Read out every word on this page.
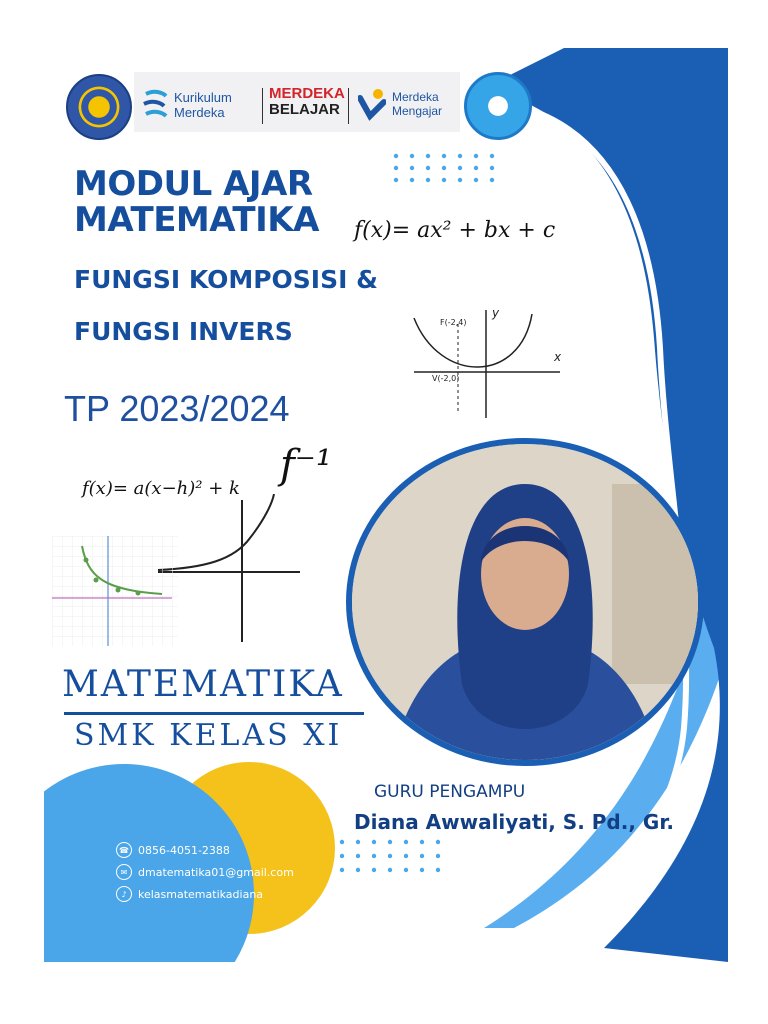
Kurikulum
Merdeka
MERDEKA
BELAJAR
Merdeka
Mengajar
MODUL AJAR
MATEMATIKA
FUNGSI KOMPOSISI &
FUNGSI INVERS
TP 2023/2024
f(x)= ax² + bx + c
f(x)= a(x−h)² + k
f⁻¹
F(-2,4)
V(-2,0)
x
y
MATEMATIKA
SMK KELAS XI
GURU PENGAMPU
Diana Awwaliyati, S. Pd., Gr.
☎ 0856-4051-2388
✉ dmatematika01@gmail.com
♪	kelasmatematikadiana
